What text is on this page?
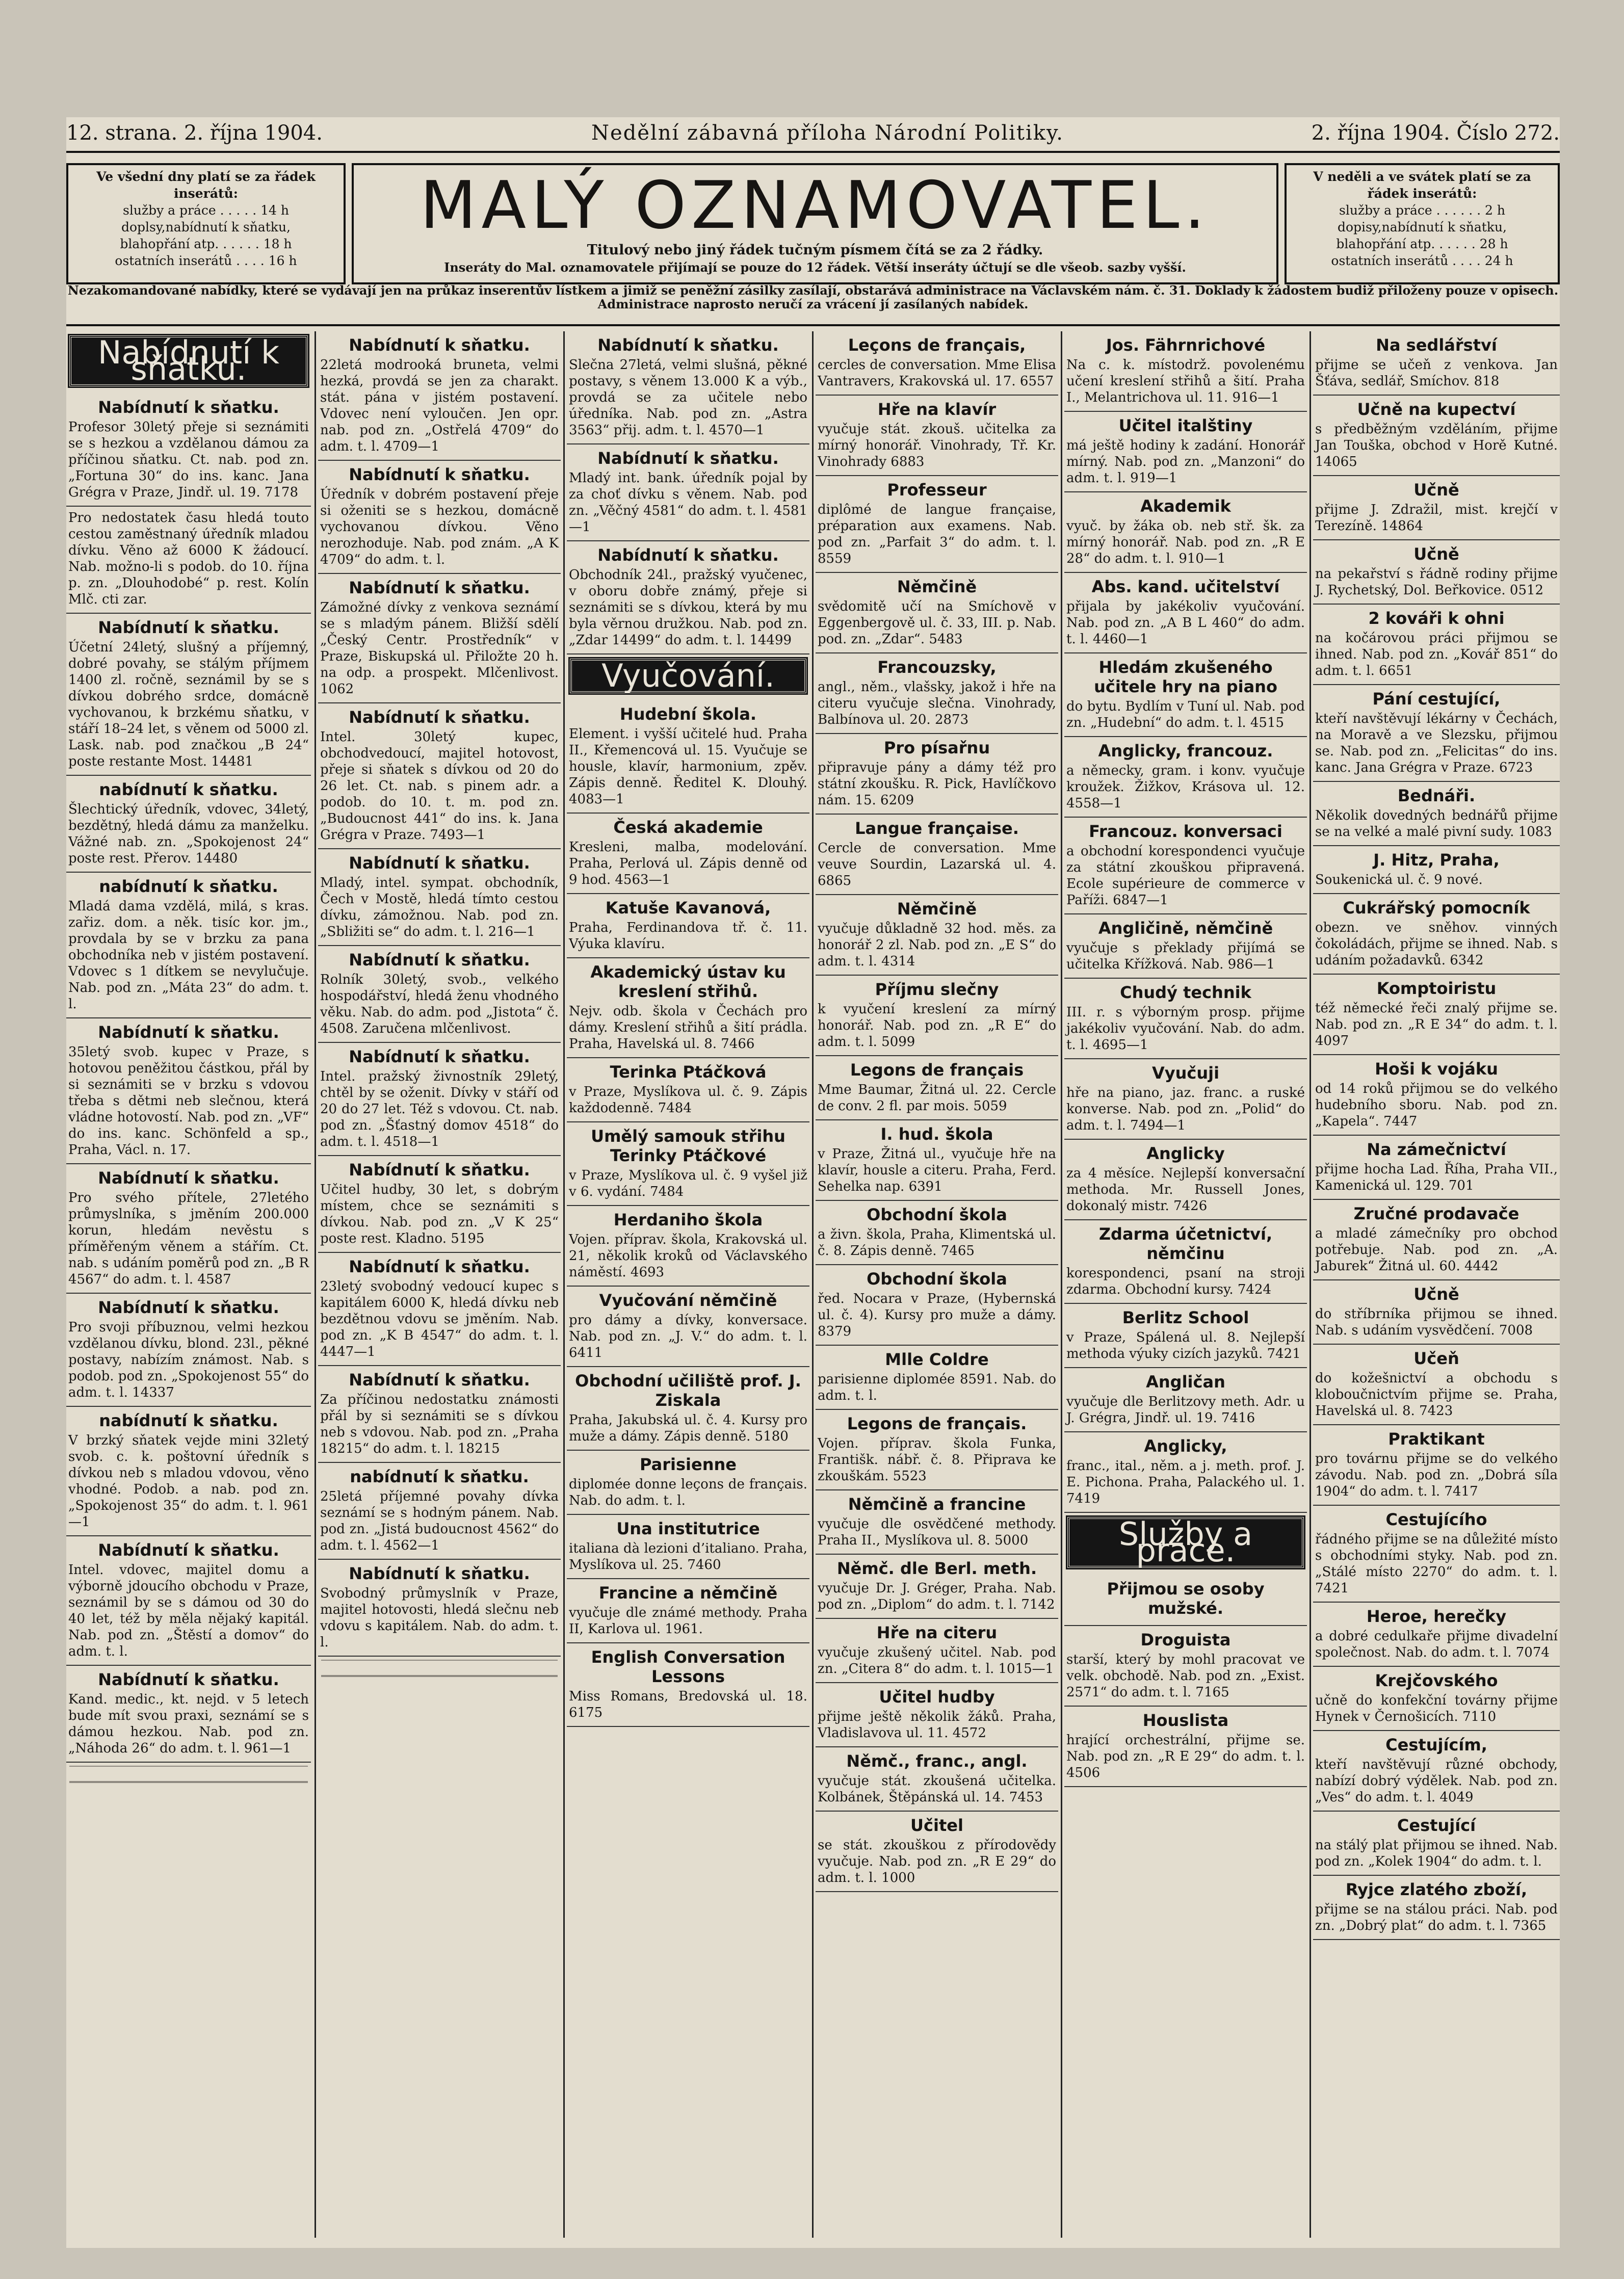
12. strana. 2. října 1904.	Nedělní zábavná příloha Národní Politiky.	2. října 1904. Číslo 272.
Ve všední dny platí se za řádek inserátů:
služby a práce . . . . . 14 h
doplsy,nabídnutí k sňatku,
blahopřání atp. . . . . . 18 h
ostatních inserátů . . . . 16 h
MALÝ OZNAMOVATEL.
Titulový nebo jiný řádek tučným písmem čítá se za 2 řádky.
Inseráty do Mal. oznamovatele přijímají se pouze do 12 řádek. Větší inseráty účtují se dle všeob. sazby vyšší.
V neděli a ve svátek platí se za řádek inserátů:
služby a práce . . . . . . 2 h
dopisy,nabídnutí k sňatku,
blahopřání atp. . . . . . 28 h
ostatních inserátů . . . . 24 h
Nezakomandované nabídky, které se vydávají jen na průkaz inserentův lístkem a jimiž se peněžní zásilky zasílají, obstarává administrace na Václavském nám. č. 31. Doklady k žádostem budiž přiloženy pouze v opisech. Administrace naprosto neručí za vrácení jí zasílaných nabídek.
Nabídnutí k sňatku.
Nabídnutí k sňatku.

Profesor 30letý přeje si seznámiti se s hezkou a vzdělanou dámou za příčinou sňatku. Ct. nab. pod zn. „Fortuna 30“ do ins. kanc. Jana Grégra v Praze, Jindř. ul. 19. 7178

Pro nedostatek času hledá touto cestou zaměstnaný úředník mladou dívku. Věno až 6000 K žádoucí. Nab. možno-li s podob. do 10. října p. zn. „Dlouhodobé“ p. rest. Kolín Mlč. cti zar.

Nabídnutí k sňatku.

Účetní 24letý, slušný a příjemný, dobré povahy, se stálým příjmem 1400 zl. ročně, seznámil by se s dívkou dobrého srdce, domácně vychovanou, k brzkému sňatku, v stáří 18–24 let, s věnem od 5000 zl. Lask. nab. pod značkou „B 24“ poste restante Most. 14481

nabídnutí k sňatku.

Šlechtický úředník, vdovec, 34letý, bezdětný, hledá dámu za manželku. Vážné nab. zn. „Spokojenost 24“ poste rest. Přerov. 14480

nabídnutí k sňatku.

Mladá dama vzdělá, milá, s kras. zařiz. dom. a něk. tisíc kor. jm., provdala by se v brzku za pana obchodníka neb v jistém postavení. Vdovec s 1 dítkem se nevylučuje. Nab. pod zn. „Máta 23“ do adm. t. l.

Nabídnutí k sňatku.

35letý svob. kupec v Praze, s hotovou peněžitou částkou, přál by si seznámiti se v brzku s vdovou třeba s dětmi neb slečnou, která vládne hotovostí. Nab. pod zn. „VF“ do ins. kanc. Schönfeld a sp., Praha, Václ. n. 17.

Nabídnutí k sňatku.

Pro svého přítele, 27letého průmyslníka, s jměním 200.000 korun, hledám nevěstu s příměřeným věnem a stářím. Ct. nab. s udáním poměrů pod zn. „B R 4567“ do adm. t. l. 4587

Nabídnutí k sňatku.

Pro svoji příbuznou, velmi hezkou vzdělanou dívku, blond. 23l., pěkné postavy, nabízím známost. Nab. s podob. pod zn. „Spokojenost 55“ do adm. t. l. 14337

nabídnutí k sňatku.

V brzký sňatek vejde mini 32letý svob. c. k. poštovní úředník s dívkou neb s mladou vdovou, věno vhodné. Podob. a nab. pod zn. „Spokojenost 35“ do adm. t. l. 961—1

Nabídnutí k sňatku.

Intel. vdovec, majitel domu a výborně jdoucího obchodu v Praze, seznámil by se s dámou od 30 do 40 let, též by měla nějaký kapitál. Nab. pod zn. „Štěstí a domov“ do adm. t. l.

Nabídnutí k sňatku.

Kand. medic., kt. nejd. v 5 letech bude mít svou praxi, seznámí se s dámou hezkou. Nab. pod zn. „Náhoda 26“ do adm. t. l. 961—1

Nabídnutí k sňatku.

22letá modrooká bruneta, velmi hezká, provdá se jen za charakt. stát. pána v jistém postavení. Vdovec není vyloučen. Jen opr. nab. pod zn. „Ostřelá 4709“ do adm. t. l. 4709—1

Nabídnutí k sňatku.

Úředník v dobrém postavení přeje si oženiti se s hezkou, domácně vychovanou dívkou. Věno nerozhoduje. Nab. pod znám. „A K 4709“ do adm. t. l.

Nabídnutí k sňatku.

Zámožné dívky z venkova seznámí se s mladým pánem. Bližší sdělí „Český Centr. Prostředník“ v Praze, Biskupská ul. Přiložte 20 h. na odp. a prospekt. Mlčenlivost. 1062

Nabídnutí k sňatku.

Intel. 30letý kupec, obchodvedoucí, majitel hotovost, přeje si sňatek s dívkou od 20 do 26 let. Ct. nab. s pinem adr. a podob. do 10. t. m. pod zn. „Budoucnost 441“ do ins. k. Jana Grégra v Praze. 7493—1

Nabídnutí k sňatku.

Mladý, intel. sympat. obchodník, Čech v Mostě, hledá tímto cestou dívku, zámožnou. Nab. pod zn. „Sbližiti se“ do adm. t. l. 216—1

Nabídnutí k sňatku.

Rolník 30letý, svob., velkého hospodářství, hledá ženu vhodného věku. Nab. do adm. pod „Jistota“ č. 4508. Zaručena mlčenlivost.

Nabídnutí k sňatku.

Intel. pražský živnostník 29letý, chtěl by se oženit. Dívky v stáří od 20 do 27 let. Též s vdovou. Ct. nab. pod zn. „Šťastný domov 4518“ do adm. t. l. 4518—1

Nabídnutí k sňatku.

Učitel hudby, 30 let, s dobrým místem, chce se seznámiti s dívkou. Nab. pod zn. „V K 25“ poste rest. Kladno. 5195

Nabídnutí k sňatku.

23letý svobodný vedoucí kupec s kapitálem 6000 K, hledá dívku neb bezdětnou vdovu se jměním. Nab. pod zn. „K B 4547“ do adm. t. l. 4447—1

Nabídnutí k sňatku.

Za příčinou nedostatku známosti přál by si seznámiti se s dívkou neb s vdovou. Nab. pod zn. „Praha 18215“ do adm. t. l. 18215

nabídnutí k sňatku.

25letá příjemné povahy dívka seznámí se s hodným pánem. Nab. pod zn. „Jistá budoucnost 4562“ do adm. t. l. 4562—1

Nabídnutí k sňatku.

Svobodný průmyslník v Praze, majitel hotovosti, hledá slečnu neb vdovu s kapitálem. Nab. do adm. t. l.

Nabídnutí k sňatku.

Slečna 27letá, velmi slušná, pěkné postavy, s věnem 13.000 K a výb., provdá se za učitele nebo úředníka. Nab. pod zn. „Astra 3563“ přij. adm. t. l. 4570—1

Nabídnutí k sňatku.

Mladý int. bank. úředník pojal by za choť dívku s věnem. Nab. pod zn. „Věčný 4581“ do adm. t. l. 4581—1

Nabídnutí k sňatku.

Obchodník 24l., pražský vyučenec, v oboru dobře známý, přeje si seznámiti se s dívkou, která by mu byla věrnou družkou. Nab. pod zn. „Zdar 14499“ do adm. t. l. 14499

Vyučování.
Hudební škola.

Element. i vyšší učitelé hud. Praha II., Křemencová ul. 15. Vyučuje se housle, klavír, harmonium, zpěv. Zápis denně. Ředitel K. Dlouhý. 4083—1

Česká akademie

Kresleni, malba, modelování. Praha, Perlová ul. Zápis denně od 9 hod. 4563—1

Katuše Kavanová,

Praha, Ferdinandova tř. č. 11. Výuka klavíru.

Akademický ústav ku kreslení střihů.

Nejv. odb. škola v Čechách pro dámy. Kreslení střihů a šití prádla. Praha, Havelská ul. 8. 7466

Terinka Ptáčková

v Praze, Myslíkova ul. č. 9. Zápis každodenně. 7484

Umělý samouk střihu Terinky Ptáčkové

v Praze, Myslíkova ul. č. 9 vyšel již v 6. vydání. 7484

Herdaniho škola

Vojen. příprav. škola, Krakovská ul. 21, několik kroků od Václavského náměstí. 4693

Vyučování němčině

pro dámy a dívky, konversace. Nab. pod zn. „J. V.“ do adm. t. l. 6411

Obchodní učiliště prof. J. Ziskala

Praha, Jakubská ul. č. 4. Kursy pro muže a dámy. Zápis denně. 5180

Parisienne

diplomée donne leçons de français. Nab. do adm. t. l.

Una institutrice

italiana dà lezioni d’italiano. Praha, Myslíkova ul. 25. 7460

Francine a němčině

vyučuje dle známé methody. Praha II, Karlova ul. 1961.

English Conversation Lessons

Miss Romans, Bredovská ul. 18. 6175

Leçons de français,

cercles de conversation. Mme Elisa Vantravers, Krakovská ul. 17. 6557

Hře na klavír

vyučuje stát. zkouš. učitelka za mírný honorář. Vinohrady, Tř. Kr. Vinohrady 6883

Professeur

diplômé de langue française, préparation aux examens. Nab. pod zn. „Parfait 3“ do adm. t. l. 8559

Němčině

svědomitě učí na Smíchově v Eggenbergově ul. č. 33, III. p. Nab. pod. zn. „Zdar“. 5483

Francouzsky,

angl., něm., vlašsky, jakož i hře na citeru vyučuje slečna. Vinohrady, Balbínova ul. 20. 2873

Pro písařnu

připravuje pány a dámy též pro státní zkoušku. R. Pick, Havlíčkovo nám. 15. 6209

Langue française.

Cercle de conversation. Mme veuve Sourdin, Lazarská ul. 4. 6865

Němčině

vyučuje důkladně 32 hod. měs. za honorář 2 zl. Nab. pod zn. „E S“ do adm. t. l. 4314

Příjmu slečny

k vyučení kreslení za mírný honorář. Nab. pod zn. „R E“ do adm. t. l. 5099

Legons de français

Mme Baumar, Žitná ul. 22. Cercle de conv. 2 fl. par mois. 5059

I. hud. škola

v Praze, Žitná ul., vyučuje hře na klavír, housle a citeru. Praha, Ferd. Sehelka nap. 6391

Obchodní škola

a živn. škola, Praha, Klimentská ul. č. 8. Zápis denně. 7465

Obchodní škola

řed. Nocara v Praze, (Hybernská ul. č. 4). Kursy pro muže a dámy. 8379

Mlle Coldre

parisienne diplomée 8591. Nab. do adm. t. l.

Legons de français.

Vojen. příprav. škola Funka, Františk. nábř. č. 8. Připrava ke zkouškám. 5523

Němčině a francine

vyučuje dle osvědčené methody. Praha II., Myslíkova ul. 8. 5000

Němč. dle Berl. meth.

vyučuje Dr. J. Gréger, Praha. Nab. pod zn. „Diplom“ do adm. t. l. 7142

Hře na citeru

vyučuje zkušený učitel. Nab. pod zn. „Citera 8“ do adm. t. l. 1015—1

Učitel hudby

přijme ještě několik žáků. Praha, Vladislavova ul. 11. 4572

Němč., franc., angl.

vyučuje stát. zkoušená učitelka. Kolbánek, Štěpánská ul. 14. 7453

Učitel

se stát. zkouškou z přírodovědy vyučuje. Nab. pod zn. „R E 29“ do adm. t. l. 1000

Jos. Fährnrichové

Na c. k. místodrž. povolenému učení kreslení střihů a šití. Praha I., Melantrichova ul. 11. 916—1

Učitel italštiny

má ještě hodiny k zadání. Honorář mírný. Nab. pod zn. „Manzoni“ do adm. t. l. 919—1

Akademik

vyuč. by žáka ob. neb stř. šk. za mírný honorář. Nab. pod zn. „R E 28“ do adm. t. l. 910—1

Abs. kand. učitelství

přijala by jakékoliv vyučování. Nab. pod zn. „A B L 460“ do adm. t. l. 4460—1

Hledám zkušeného učitele hry na piano

do bytu. Bydlím v Tuní ul. Nab. pod zn. „Hudební“ do adm. t. l. 4515

Anglicky, francouz.

a německy, gram. i konv. vyučuje kroužek. Žižkov, Krásova ul. 12. 4558—1

Francouz. konversaci

a obchodní korespondenci vyučuje za státní zkouškou připravená. Ecole supérieure de commerce v Paříži. 6847—1

Angličině, němčině

vyučuje s překlady přijímá se učitelka Křížková. Nab. 986—1

Chudý technik

III. r. s výborným prosp. přijme jakékoliv vyučování. Nab. do adm. t. l. 4695—1

Vyučuji

hře na piano, jaz. franc. a ruské konverse. Nab. pod zn. „Polid“ do adm. t. l. 7494—1

Anglicky

za 4 měsíce. Nejlepší konversační methoda. Mr. Russell Jones, dokonalý mistr. 7426

Zdarma účetnictví, němčinu

korespondenci, psaní na stroji zdarma. Obchodní kursy. 7424

Berlitz School

v Praze, Spálená ul. 8. Nejlepší methoda výuky cizích jazyků. 7421

Angličan

vyučuje dle Berlitzovy meth. Adr. u J. Grégra, Jindř. ul. 19. 7416

Anglicky,

franc., ital., něm. a j. meth. prof. J. E. Pichona. Praha, Palackého ul. 1. 7419

Služby a práce.
Přijmou se osoby mužské.
Droguista

starší, který by mohl pracovat ve velk. obchodě. Nab. pod zn. „Exist. 2571“ do adm. t. l. 7165

Houslista

hrající orchestrální, přijme se. Nab. pod zn. „R E 29“ do adm. t. l. 4506

Na sedlářství

přijme se učeň z venkova. Jan Šťáva, sedlář, Smíchov. 818

Učně na kupectví

s předběžným vzděláním, přijme Jan Touška, obchod v Horě Kutné. 14065

Učně

přijme J. Zdražil, mist. krejčí v Terezíně. 14864

Učně

na pekařství s řádně rodiny přijme J. Rychetský, Dol. Beřkovice. 0512

2 kováři k ohni

na kočárovou práci přijmou se ihned. Nab. pod zn. „Kovář 851“ do adm. t. l. 6651

Pání cestující,

kteří navštěvují lékárny v Čechách, na Moravě a ve Slezsku, přijmou se. Nab. pod zn. „Felicitas“ do ins. kanc. Jana Grégra v Praze. 6723

Bednáři.

Několik dovedných bednářů přijme se na velké a malé pivní sudy. 1083

J. Hitz, Praha,

Soukenická ul. č. 9 nové.

Cukrářský pomocník

obezn. ve sněhov. vinných čokoládách, přijme se ihned. Nab. s udáním požadavků. 6342

Komptoiristu

též německé řeči znalý přijme se. Nab. pod zn. „R E 34“ do adm. t. l. 4097

Hoši k vojáku

od 14 roků přijmou se do velkého hudebního sboru. Nab. pod zn. „Kapela“. 7447

Na zámečnictví

přijme hocha Lad. Říha, Praha VII., Kamenická ul. 129. 701

Zručné prodavače

a mladé zámečníky pro obchod potřebuje. Nab. pod zn. „A. Jaburek“ Žitná ul. 60. 4442

Učně

do stříbrníka přijmou se ihned. Nab. s udáním vysvědčení. 7008

Učeň

do kožešnictví a obchodu s kloboučnictvím přijme se. Praha, Havelská ul. 8. 7423

Praktikant

pro továrnu přijme se do velkého závodu. Nab. pod zn. „Dobrá síla 1904“ do adm. t. l. 7417

Cestujícího

řádného přijme se na důležité místo s obchodními styky. Nab. pod zn. „Stálé místo 2270“ do adm. t. l. 7421

Heroe, herečky

a dobré cedulkaře přijme divadelní společnost. Nab. do adm. t. l. 7074

Krejčovského

učně do konfekční továrny přijme Hynek v Černošicích. 7110

Cestujícím,

kteří navštěvují různé obchody, nabízí dobrý výdělek. Nab. pod zn. „Ves“ do adm. t. l. 4049

Cestující

na stálý plat přijmou se ihned. Nab. pod zn. „Kolek 1904“ do adm. t. l.

Ryjce zlatého zboží,

přijme se na stálou práci. Nab. pod zn. „Dobrý plat“ do adm. t. l. 7365
